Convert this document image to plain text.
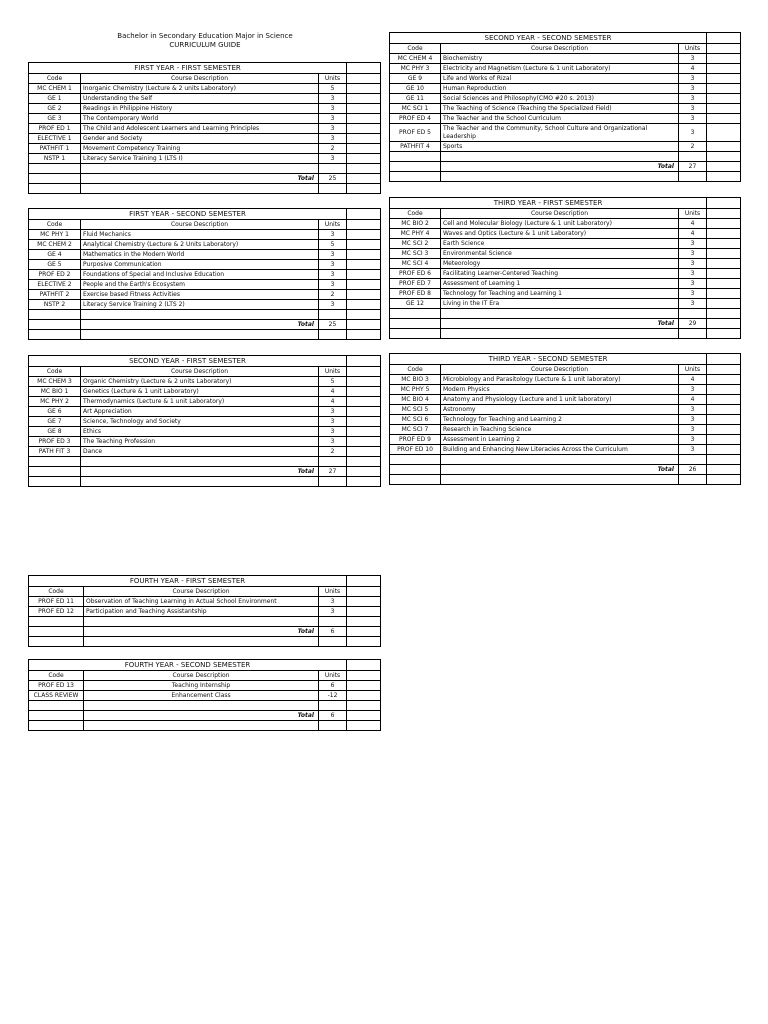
Bachelor in Secondary Education Major in Science
CURRICULUM GUIDE
FIRST YEAR - FIRST SEMESTER			
Code	Course Description	Units	
MC CHEM 1	Inorganic Chemistry (Lecture & 2 units Laboratory)	5	
GE 1	Understanding the Self	3	
GE 2	Readings in Philippine History	3	
GE 3	The Contemporary World	3	
PROF ED 1	The Child and Adolescent Learners and Learning Principles	3	
ELECTIVE 1	Gender and Society	3	
PATHFIT 1	Movement Competency Training	2	
NSTP 1	Literacy Service Training 1 (LTS I)	3	

	Total	25	

FIRST YEAR - SECOND SEMESTER			
Code	Course Description	Units	
MC PHY 1	Fluid Mechanics	3	
MC CHEM 2	Analytical Chemistry (Lecture & 2 Units Laboratory)	5	
GE 4	Mathematics in the Modern World	3	
GE 5	Purposive Communication	3	
PROF ED 2	Foundations of Special and Inclusive Education	3	
ELECTIVE 2	People and the Earth's Ecosystem	3	
PATHFIT 2	Exercise based Fitness Activities	2	
NSTP 2	Literacy Service Training 2 (LTS 2)	3	

	Total	25	

SECOND YEAR - FIRST SEMESTER			
Code	Course Description	Units	
MC CHEM 3	Organic Chemistry (Lecture & 2 units Laboratory)	5	
MC BIO 1	Genetics (Lecture & 1 unit Laboratory)	4	
MC PHY 2	Thermodynamics (Lecture & 1 unit Laboratory)	4	
GE 6	Art Appreciation	3	
GE 7	Science, Technology and Society	3	
GE 8	Ethics	3	
PROF ED 3	The Teaching Profession	3	
PATH FIT 3	Dance	2	

	Total	27	

SECOND YEAR - SECOND SEMESTER			
Code	Course Description	Units	
MC CHEM 4	Biochemistry	3	
MC PHY 3	Electricity and Magnetism (Lecture & 1 unit Laboratory)	4	
GE 9	Life and Works of Rizal	3	
GE 10	Human Reproduction	3	
GE 11	Social Sciences and Philosophy(CMO #20 s. 2013)	3	
MC SCI 1	The Teaching of Science (Teaching the Specialized Field)	3	
PROF ED 4	The Teacher and the School Curriculum	3	
PROF ED 5	The Teacher and the Community, School Culture and Organizational Leadership	3	
PATHFIT 4	Sports	2	

	Total	27	

THIRD YEAR - FIRST SEMESTER			
Code	Course Description	Units	
MC BIO 2	Cell and Molecular Biology (Lecture & 1 unit Laboratory)	4	
MC PHY 4	Waves and Optics (Lecture & 1 unit Laboratory)	4	
MC SCI 2	Earth Science	3	
MC SCI 3	Environmental Science	3	
MC SCI 4	Meteorology	3	
PROF ED 6	Facilitating Learner-Centered Teaching	3	
PROF ED 7	Assessment of Learning 1	3	
PROF ED 8	Technology for Teaching and Learning 1	3	
GE 12	Living in the IT Era	3	

	Total	29	

THIRD YEAR - SECOND SEMESTER			
Code	Course Description	Units	
MC BIO 3	Microbiology and Parasitology (Lecture & 1 unit laboratory)	4	
MC PHY 5	Modern Physics	3	
MC BIO 4	Anatomy and Physiology (Lecture and 1 unit laboratory)	4	
MC SCI 5	Astronomy	3	
MC SCI 6	Technology for Teaching and Learning 2	3	
MC SCI 7	Research in Teaching Science	3	
PROF ED 9	Assessment in Learning 2	3	
PROF ED 10	Building and Enhancing New Literacies Across the Curriculum	3	

	Total	26	

FOURTH YEAR - FIRST SEMESTER			
Code	Course Description	Units	
PROF ED 11	Observation of Teaching Learning in Actual School Environment	3	
PROF ED 12	Participation and Teaching Assistantship	3	

	Total	6	

FOURTH YEAR - SECOND SEMESTER			
Code	Course Description	Units	
PROF ED 13	Teaching Internship	6	
CLASS REVIEW	Enhancement Class	-12	

	Total	6	
